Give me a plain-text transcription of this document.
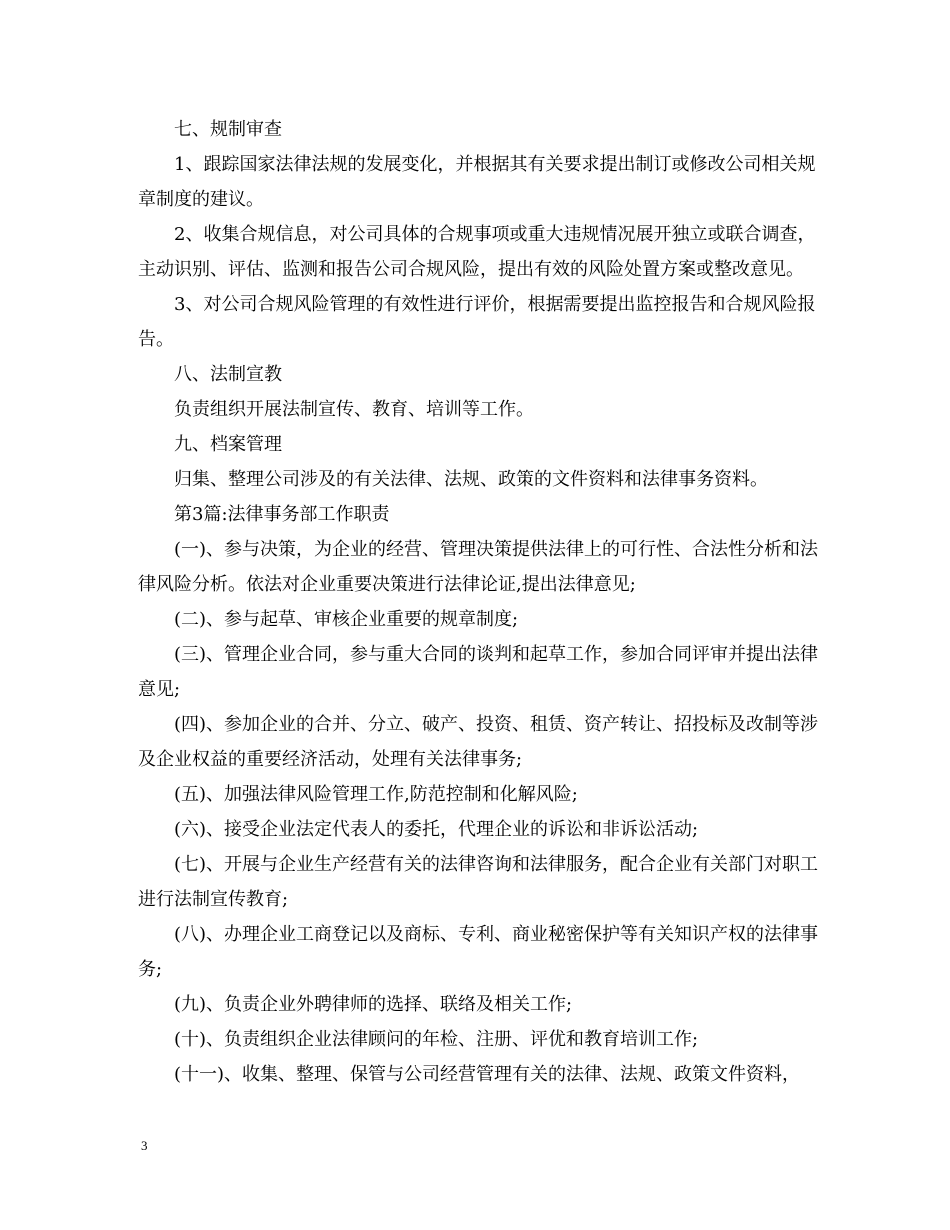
七、规制审查

1、跟踪国家法律法规的发展变化，并根据其有关要求提出制订或修改公司相关规章制度的建议。

2、收集合规信息，对公司具体的合规事项或重大违规情况展开独立或联合调查，主动识别、评估、监测和报告公司合规风险，提出有效的风险处置方案或整改意见。

3、对公司合规风险管理的有效性进行评价，根据需要提出监控报告和合规风险报告。

八、法制宣教

负责组织开展法制宣传、教育、培训等工作。

九、档案管理

归集、整理公司涉及的有关法律、法规、政策的文件资料和法律事务资料。

第3篇:法律事务部工作职责

(一)、参与决策，为企业的经营、管理决策提供法律上的可行性、合法性分析和法律风险分析。依法对企业重要决策进行法律论证,提出法律意见;

(二)、参与起草、审核企业重要的规章制度;

(三)、管理企业合同，参与重大合同的谈判和起草工作，参加合同评审并提出法律意见;

(四)、参加企业的合并、分立、破产、投资、租赁、资产转让、招投标及改制等涉及企业权益的重要经济活动，处理有关法律事务;

(五)、加强法律风险管理工作,防范控制和化解风险;

(六)、接受企业法定代表人的委托，代理企业的诉讼和非诉讼活动;

(七)、开展与企业生产经营有关的法律咨询和法律服务，配合企业有关部门对职工进行法制宣传教育;

(八)、办理企业工商登记以及商标、专利、商业秘密保护等有关知识产权的法律事务;

(九)、负责企业外聘律师的选择、联络及相关工作;

(十)、负责组织企业法律顾问的年检、注册、评优和教育培训工作;

(十一)、收集、整理、保管与公司经营管理有关的法律、法规、政策文件资料，

3
